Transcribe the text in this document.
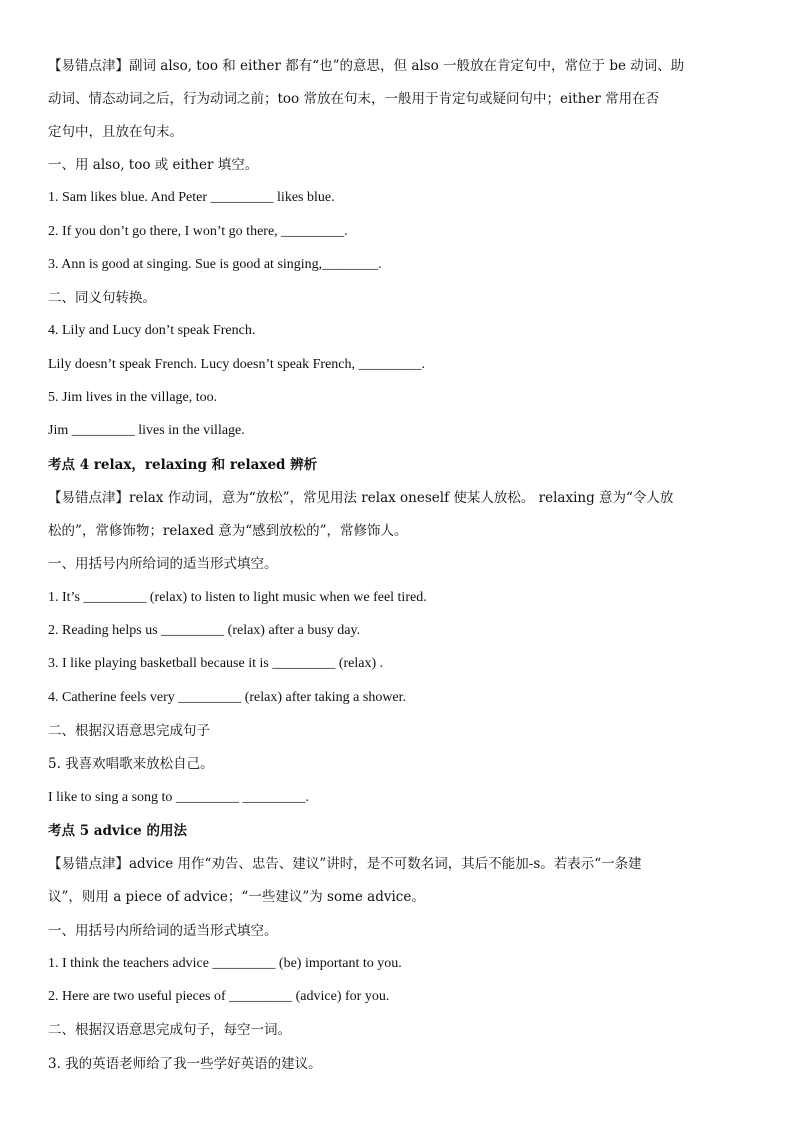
【易错点津】副词 also, too 和 either 都有“也”的意思，但 also 一般放在肯定句中，常位于 be 动词、助
动词、情态动词之后，行为动词之前；too 常放在句末，一般用于肯定句或疑问句中；either 常用在否
定句中，且放在句末。
一、用 also, too 或 either 填空。
1. Sam likes blue. And Peter _________ likes blue.
2. If you don’t go there, I won’t go there, _________.
3. Ann is good at singing. Sue is good at singing,________.
二、同义句转换。
4. Lily and Lucy don’t speak French.
Lily doesn’t speak French. Lucy doesn’t speak French, _________.
5. Jim lives in the village, too.
Jim _________ lives in the village.
考点 4 relax，relaxing 和 relaxed 辨析
【易错点津】relax 作动词，意为“放松”，常见用法 relax oneself 使某人放松。 relaxing 意为“令人放
松的”，常修饰物；relaxed 意为“感到放松的”，常修饰人。
一、用括号内所给词的适当形式填空。
1. It’s _________ (relax) to listen to light music when we feel tired.
2. Reading helps us _________ (relax) after a busy day.
3. I like playing basketball because it is _________ (relax) .
4. Catherine feels very _________ (relax) after taking a shower.
二、根据汉语意思完成句子
5. 我喜欢唱歌来放松自己。
I like to sing a song to _________ _________.
考点 5 advice 的用法
【易错点津】advice 用作“劝告、忠告、建议”讲时，是不可数名词，其后不能加-s。若表示“一条建
议”，则用 a piece of advice；“一些建议”为 some advice。
一、用括号内所给词的适当形式填空。
1. I think the teachers advice _________ (be) important to you.
2. Here are two useful pieces of _________ (advice) for you.
二、根据汉语意思完成句子，每空一词。
3. 我的英语老师给了我一些学好英语的建议。
